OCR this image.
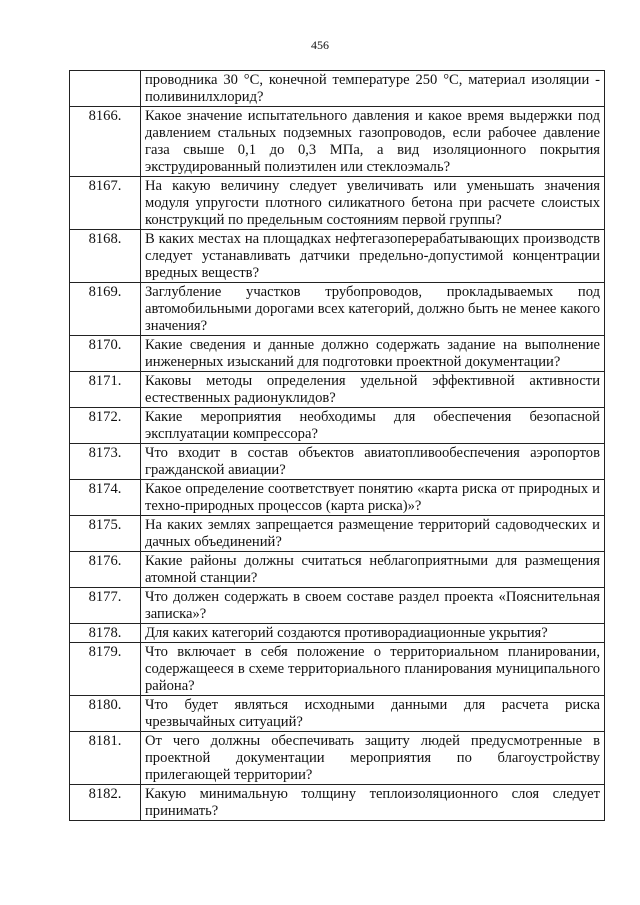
456
	проводника 30 °С, конечной температуре 250 °С, материал изоляции - поливинилхлорид?
8166.	Какое значение испытательного давления и какое время выдержки под давлением стальных подземных газопроводов, если рабочее давление газа свыше 0,1 до 0,3 МПа, а вид изоляционного покрытия экструдированный полиэтилен или стеклоэмаль?
8167.	На какую величину следует увеличивать или уменьшать значения модуля упругости плотного силикатного бетона при расчете слоистых конструкций по предельным состояниям первой группы?
8168.	В каких местах на площадках нефтегазоперерабатывающих производств следует устанавливать датчики предельно-допустимой концентрации вредных веществ?
8169.	Заглубление участков трубопроводов, прокладываемых под автомобильными дорогами всех категорий, должно быть не менее какого значения?
8170.	Какие сведения и данные должно содержать задание на выполнение инженерных изысканий для подготовки проектной документации?
8171.	Каковы методы определения удельной эффективной активности естественных радионуклидов?
8172.	Какие мероприятия необходимы для обеспечения безопасной эксплуатации компрессора?
8173.	Что входит в состав объектов авиатопливообеспечения аэропортов гражданской авиации?
8174.	Какое определение соответствует понятию «карта риска от природных и техно-природных процессов (карта риска)»?
8175.	На каких землях запрещается размещение территорий садоводческих и дачных объединений?
8176.	Какие районы должны считаться неблагоприятными для размещения атомной станции?
8177.	Что должен содержать в своем составе раздел проекта «Пояснительная записка»?
8178.	Для каких категорий создаются противорадиационные укрытия?
8179.	Что включает в себя положение о территориальном планировании, содержащееся в схеме территориального планирования муниципального района?
8180.	Что будет являться исходными данными для расчета риска чрезвычайных ситуаций?
8181.	От чего должны обеспечивать защиту людей предусмотренные в проектной документации мероприятия по благоустройству прилегающей территории?
8182.	Какую минимальную толщину теплоизоляционного слоя следует принимать?
